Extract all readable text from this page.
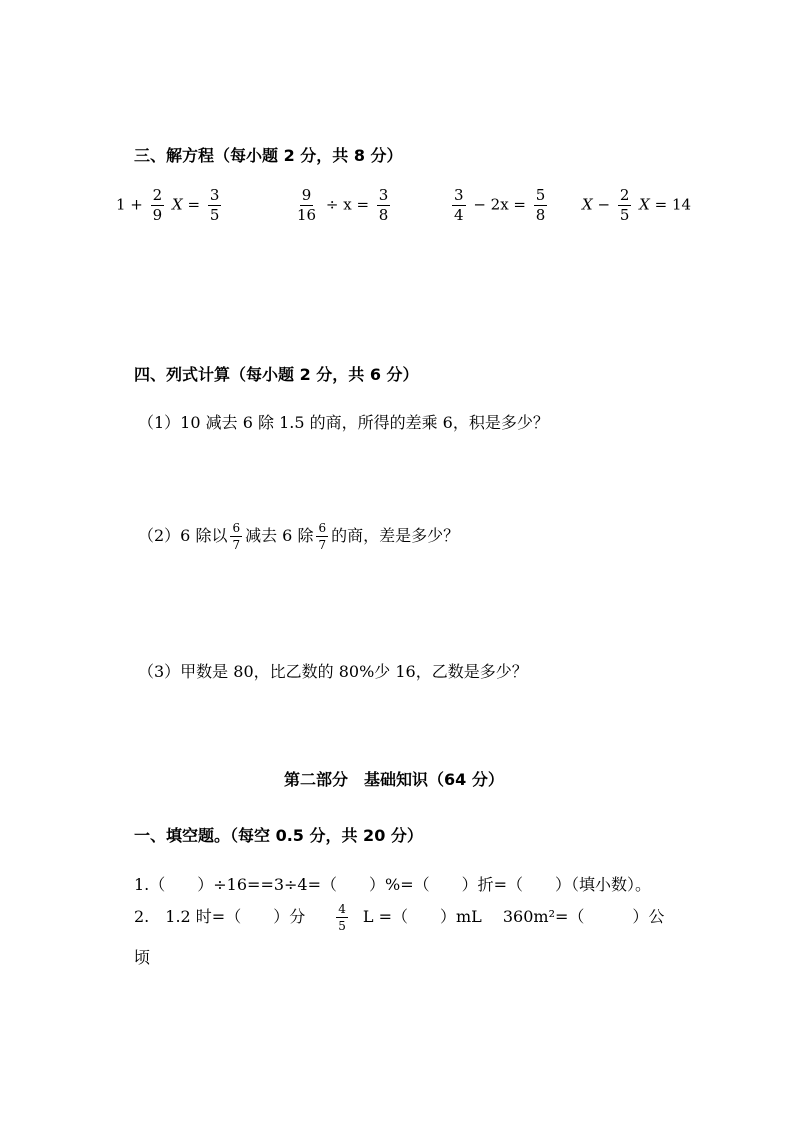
三、解方程（每小题 2 分，共 8 分）
$1 + \frac{2}{9}$ $X = \frac{3}{5}$	$\frac{9}{16} \div x = \frac{3}{8}$	$\frac{3}{4} - 2x = \frac{5}{8}$ $X - \frac{2}{5}$ X = 14
四、列式计算（每小题 2 分，共 6 分）
（1）10 减去 6 除 1.5 的商，所得的差乘 6，积是多少？
（2）6 除以 $\frac{6}{7}$ 减去 6 除 $\frac{6}{7}$ 的商，差是多少？
（3）甲数是 80，比乙数的 80%少 16，乙数是多少？
第二部分　基础知识（64 分）
一、填空题。（每空 0.5 分，共 20 分）
1.（　　）÷16==3÷4=（　　）%=（　　）折=（　　）（填小数）。
2.　1.2 时=（　　）分	$\frac{4}{5}$ L =（　　）mL　 360m²=（　　　）公
顷
